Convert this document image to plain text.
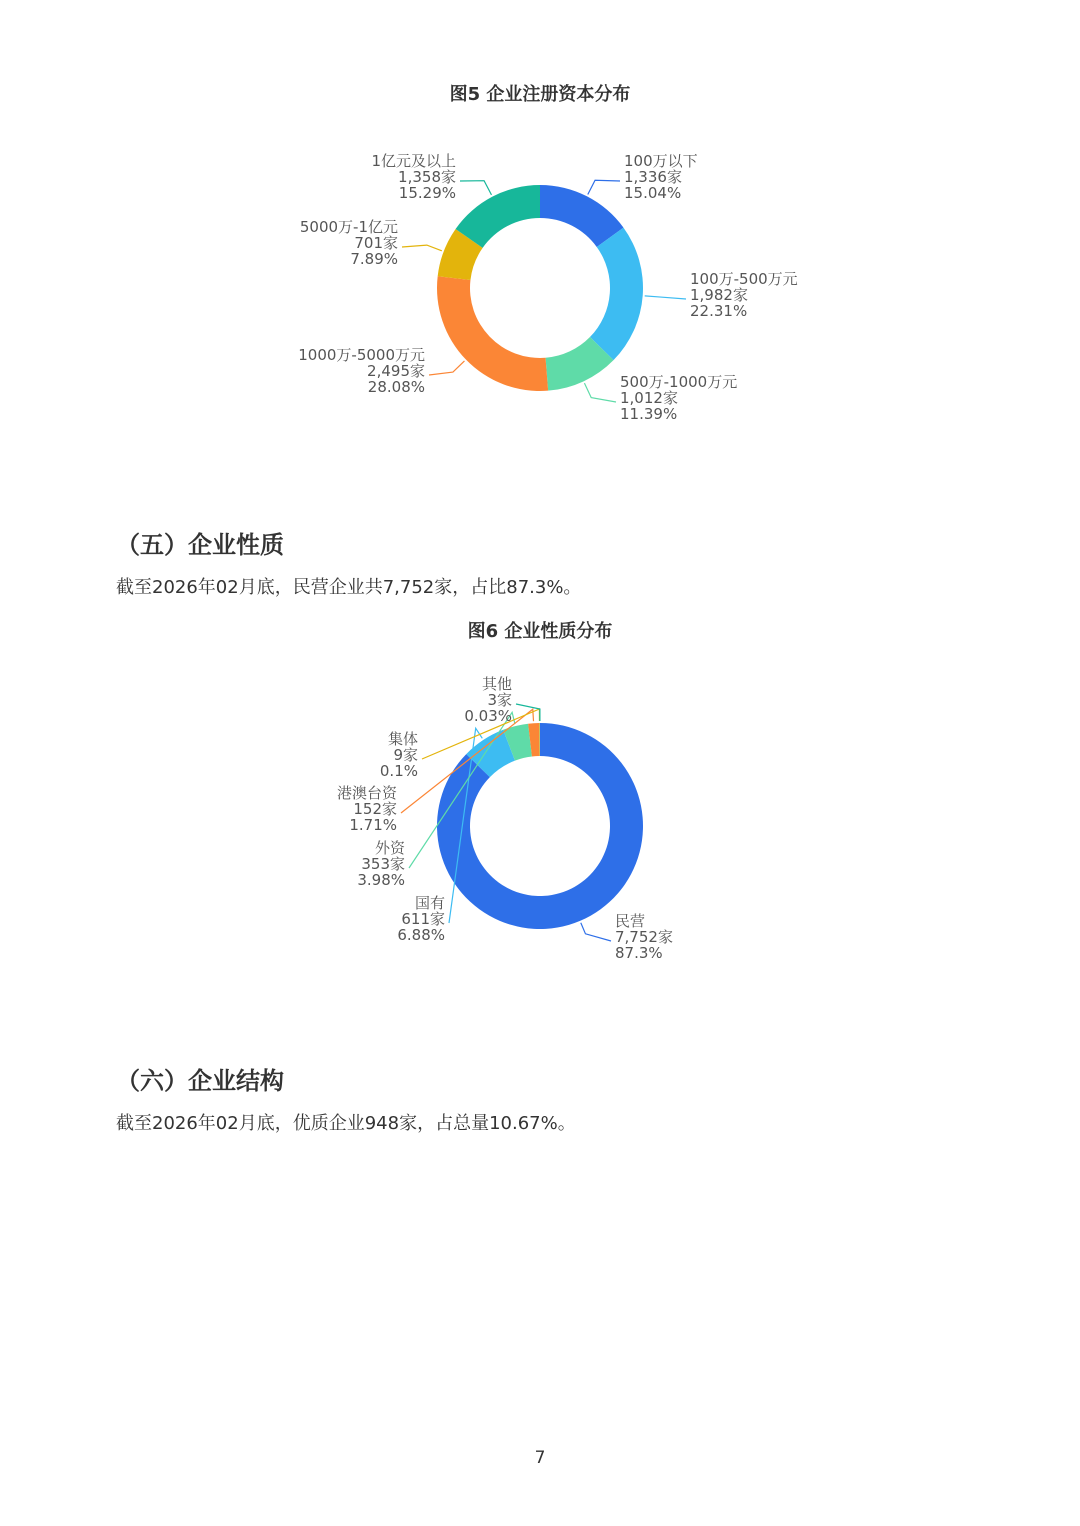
图5 企业注册资本分布
100万以下
1,336家
15.04%
100万-500万元
1,982家
22.31%
500万-1000万元
1,012家
11.39%
1000万-5000万元
2,495家
28.08%
5000万-1亿元
701家
7.89%
1亿元及以上
1,358家
15.29%
（五）企业性质
截至2026年02月底，民营企业共7,752家，占比87.3%。
图6 企业性质分布
民营
7,752家
87.3%
国有
611家
6.88%
外资
353家
3.98%
港澳台资
152家
1.71%
集体
9家
0.1%
其他
3家
0.03%
（六）企业结构
截至2026年02月底，优质企业948家，占总量10.67%。
7
